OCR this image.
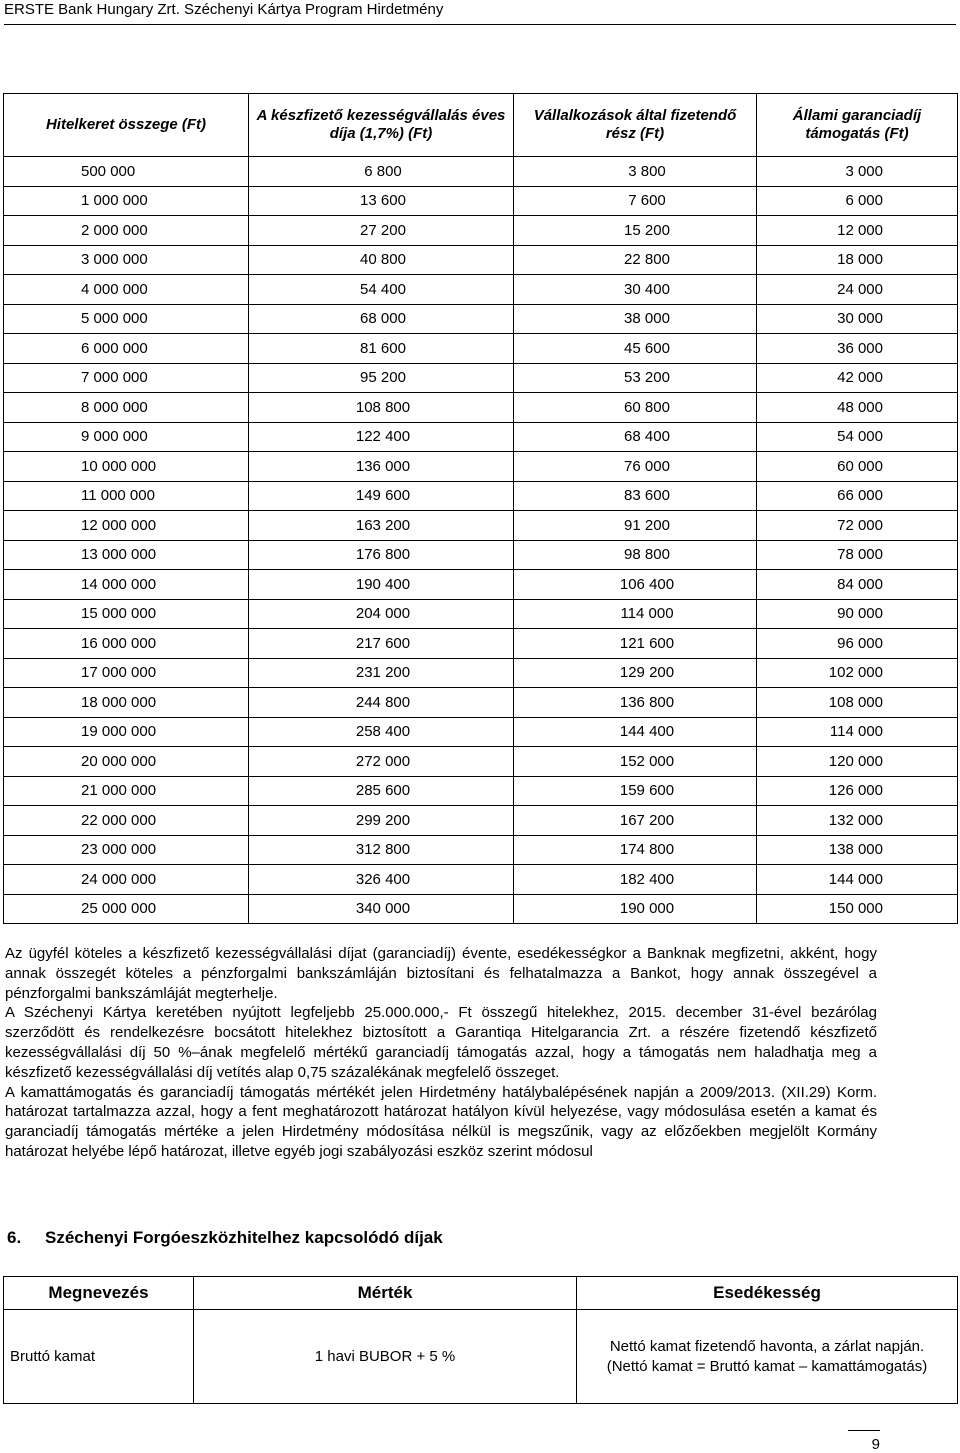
ERSTE Bank Hungary Zrt. Széchenyi Kártya Program Hirdetmény
Hitelkeret összege (Ft)	A készfizető kezességvállalás éves díja (1,7%) (Ft)	Vállalkozások által fizetendő rész (Ft)	Állami garanciadíj támogatás (Ft)
500 000	6 800	3 800	3 000
1 000 000	13 600	7 600	6 000
2 000 000	27 200	15 200	12 000
3 000 000	40 800	22 800	18 000
4 000 000	54 400	30 400	24 000
5 000 000	68 000	38 000	30 000
6 000 000	81 600	45 600	36 000
7 000 000	95 200	53 200	42 000
8 000 000	108 800	60 800	48 000
9 000 000	122 400	68 400	54 000
10 000 000	136 000	76 000	60 000
11 000 000	149 600	83 600	66 000
12 000 000	163 200	91 200	72 000
13 000 000	176 800	98 800	78 000
14 000 000	190 400	106 400	84 000
15 000 000	204 000	114 000	90 000
16 000 000	217 600	121 600	96 000
17 000 000	231 200	129 200	102 000
18 000 000	244 800	136 800	108 000
19 000 000	258 400	144 400	114 000
20 000 000	272 000	152 000	120 000
21 000 000	285 600	159 600	126 000
22 000 000	299 200	167 200	132 000
23 000 000	312 800	174 800	138 000
24 000 000	326 400	182 400	144 000
25 000 000	340 000	190 000	150 000

Az ügyfél köteles a készfizető kezességvállalási díjat (garanciadíj) évente, esedékességkor a Banknak megfizetni, akként, hogy annak összegét köteles a pénzforgalmi bankszámláján biztosítani és felhatalmazza a Bankot, hogy annak összegével a pénzforgalmi bankszámláját megterhelje.

A Széchenyi Kártya keretében nyújtott legfeljebb 25.000.000,- Ft összegű hitelekhez, 2015. december 31-ével bezárólag szerződött és rendelkezésre bocsátott hitelekhez biztosított a Garantiqa Hitelgarancia Zrt. a részére fizetendő készfizető kezességvállalási díj 50 %–ának megfelelő mértékű garanciadíj támogatás azzal, hogy a támogatás nem haladhatja meg a készfizető kezességvállalási díj vetítés alap 0,75 százalékának megfelelő összeget.

A kamattámogatás és garanciadíj támogatás mértékét jelen Hirdetmény hatálybalépésének napján a 2009/2013. (XII.29) Korm. határozat tartalmazza azzal, hogy a fent meghatározott határozat hatályon kívül helyezése, vagy módosulása esetén a kamat és garanciadíj támogatás mértéke a jelen Hirdetmény módosítása nélkül is megszűnik, vagy az előzőekben megjelölt Kormány határozat helyébe lépő határozat, illetve egyéb jogi szabályozási eszköz szerint módosul

6. Széchenyi Forgóeszközhitelhez kapcsolódó díjak
Megnevezés	Mérték	Esedékesség
Bruttó kamat	1 havi BUBOR + 5 %	Nettó kamat fizetendő havonta, a zárlat napján.
(Nettó kamat = Bruttó kamat – kamattámogatás)
9
